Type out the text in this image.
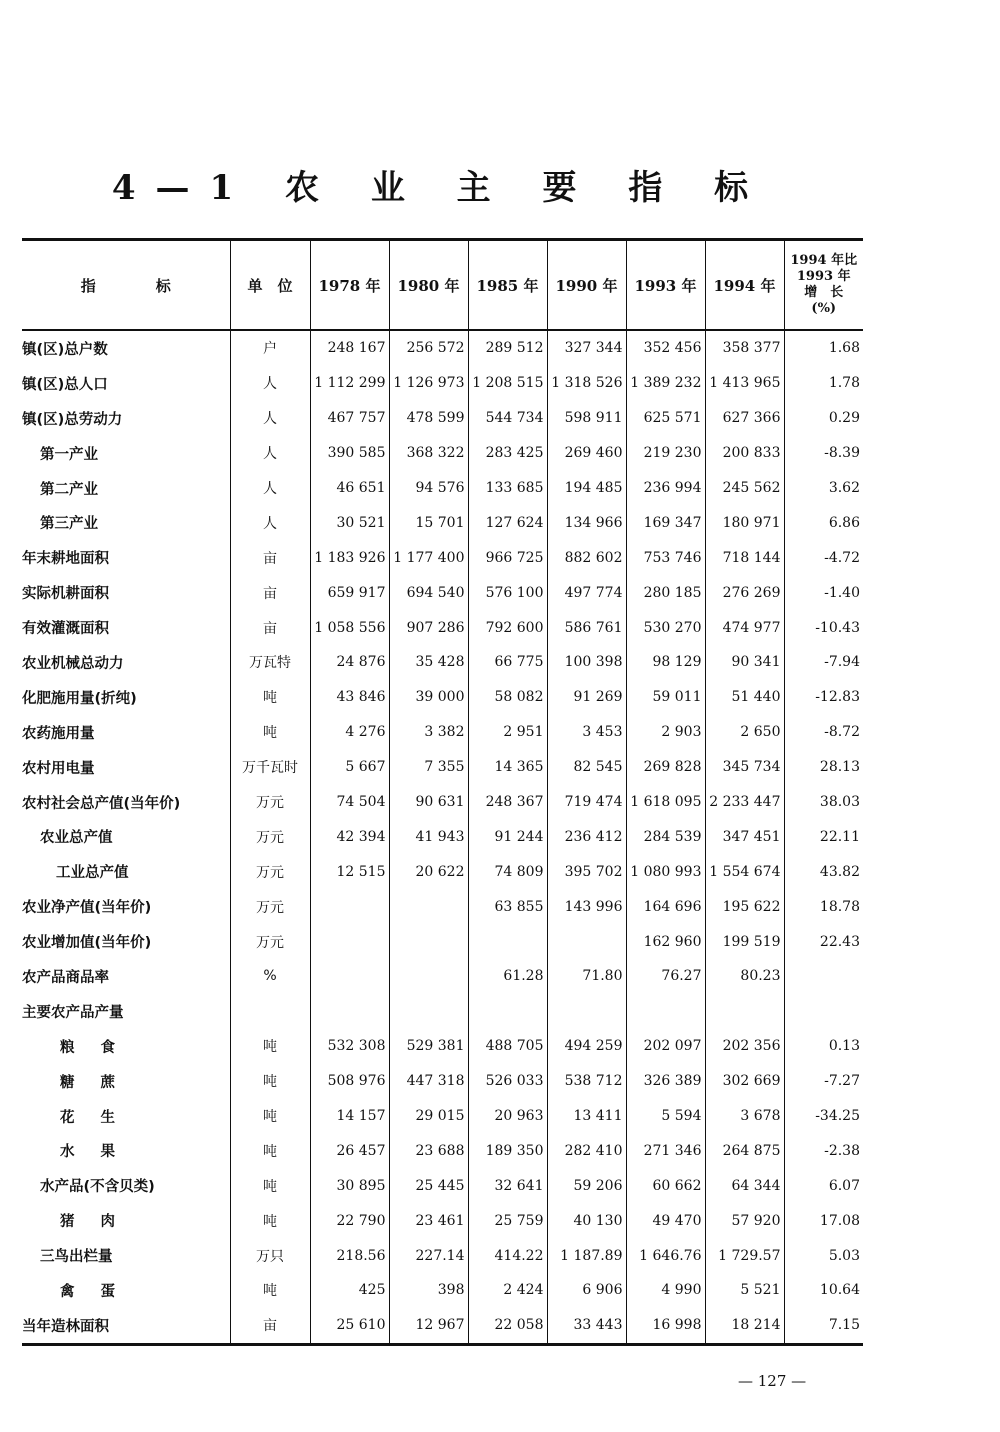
4—1 农 业 主 要 指 标
指　　　　标	单　位	1978 年	1980 年	1985 年	1990 年	1993 年	1994 年	1994 年比
1993 年
增　长
(%)

镇(区)总户数	户	248 167	256 572	289 512	327 344	352 456	358 377	1.68
镇(区)总人口	人	1 112 299	1 126 973	1 208 515	1 318 526	1 389 232	1 413 965	1.78
镇(区)总劳动力	人	467 757	478 599	544 734	598 911	625 571	627 366	0.29
第一产业	人	390 585	368 322	283 425	269 460	219 230	200 833	-8.39
第二产业	人	46 651	94 576	133 685	194 485	236 994	245 562	3.62
第三产业	人	30 521	15 701	127 624	134 966	169 347	180 971	6.86
年末耕地面积	亩	1 183 926	1 177 400	966 725	882 602	753 746	718 144	-4.72
实际机耕面积	亩	659 917	694 540	576 100	497 774	280 185	276 269	-1.40
有效灌溉面积	亩	1 058 556	907 286	792 600	586 761	530 270	474 977	-10.43
农业机械总动力	万瓦特	24 876	35 428	66 775	100 398	98 129	90 341	-7.94
化肥施用量(折纯)	吨	43 846	39 000	58 082	91 269	59 011	51 440	-12.83
农药施用量	吨	4 276	3 382	2 951	3 453	2 903	2 650	-8.72
农村用电量	万千瓦时	5 667	7 355	14 365	82 545	269 828	345 734	28.13
农村社会总产值(当年价)	万元	74 504	90 631	248 367	719 474	1 618 095	2 233 447	38.03
农业总产值	万元	42 394	41 943	91 244	236 412	284 539	347 451	22.11
工业总产值	万元	12 515	20 622	74 809	395 702	1 080 993	1 554 674	43.82
农业净产值(当年价)	万元			63 855	143 996	164 696	195 622	18.78
农业增加值(当年价)	万元					162 960	199 519	22.43
农产品商品率	%			61.28	71.80	76.27	80.23	
主要农产品产量								
粮食	吨	532 308	529 381	488 705	494 259	202 097	202 356	0.13
糖蔗	吨	508 976	447 318	526 033	538 712	326 389	302 669	-7.27
花生	吨	14 157	29 015	20 963	13 411	5 594	3 678	-34.25
水果	吨	26 457	23 688	189 350	282 410	271 346	264 875	-2.38
水产品(不含贝类)	吨	30 895	25 445	32 641	59 206	60 662	64 344	6.07
猪肉	吨	22 790	23 461	25 759	40 130	49 470	57 920	17.08
三鸟出栏量	万只	218.56	227.14	414.22	1 187.89	1 646.76	1 729.57	5.03
禽蛋	吨	425	398	2 424	6 906	4 990	5 521	10.64
当年造林面积	亩	25 610	12 967	22 058	33 443	16 998	18 214	7.15
— 127 —
